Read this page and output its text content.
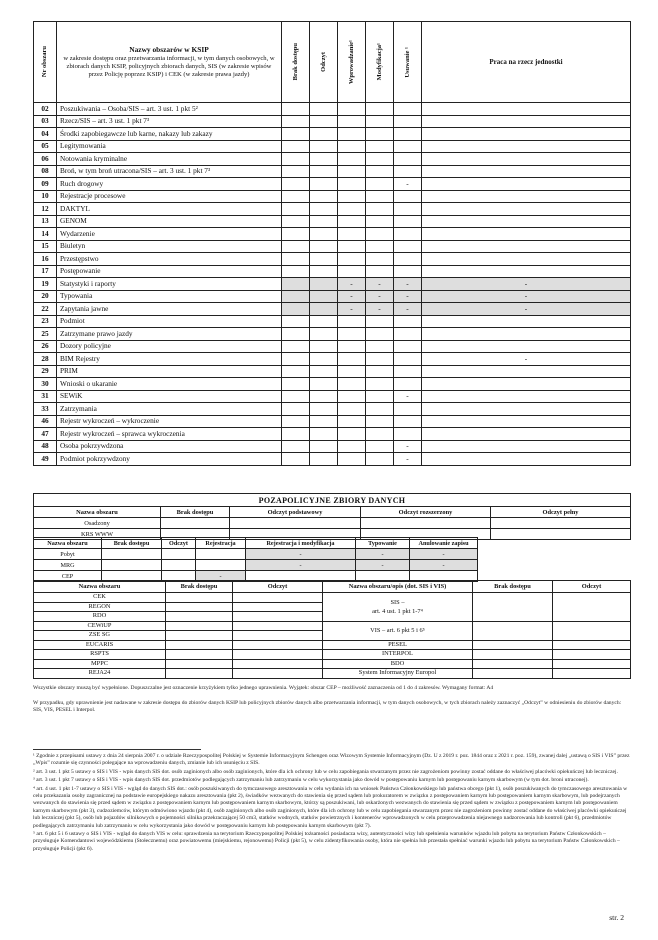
Nr obszaru	Nazwy obszarów w KSIP
w zakresie dostępu oraz przetwarzania informacji, w tym danych osobowych, w zbiorach danych KSIP, policyjnych zbiorach danych, SIS (w zakresie wpisów przez Policję poprzez KSIP) i CEK (w zakresie prawa jazdy)	Brak dostępu	Odczyt	Wprowadzanie¹	Modyfikacja¹	Usuwanie ¹	Praca na rzecz jednostki
02	Poszukiwania – Osoba/SIS – art. 3 ust. 1 pkt 5²						
03	Rzecz/SIS – art. 3 ust. 1 pkt 7³						
04	Środki zapobiegawcze lub karne, nakazy lub zakazy						
05	Legitymowania						
06	Notowania kryminalne						
08	Broń, w tym broń utracona/SIS – art. 3 ust. 1 pkt 7³						
09	Ruch drogowy					-	
10	Rejestracje procesowe						
12	DAKTYL						
13	GENOM						
14	Wydarzenie						
15	Biuletyn						
16	Przestępstwo						
17	Postępowanie						
19	Statystyki i raporty			-	-	-	-
20	Typowania			-	-	-	-
22	Zapytania jawne			-	-	-	-
23	Podmiot						
25	Zatrzymane prawo jazdy						
26	Dozory policyjne						
28	BIM Rejestry						-
29	PRIM						
30	Wnioski o ukaranie						
31	SEWiK					-	
33	Zatrzymania						
46	Rejestr wykroczeń – wykroczenie						
47	Rejestr wykroczeń – sprawca wykroczenia						
48	Osoba pokrzywdzona					-	
49	Podmiot pokrzywdzony					-	
POZAPOLICYJNE ZBIORY DANYCH				
Nazwa obszaru	Brak dostępu	Odczyt podstawowy	Odczyt rozszerzony	Odczyt pełny
Osadzony				
KRS WWW				
Nazwa obszaru	Brak dostępu	Odczyt	Rejestracja	Rejestracja i modyfikacja	Typowanie	Anulowanie zapisu
Pobyt				-	-	-
MRG				-	-	-
CEP			-			
Nazwa obszaru	Brak dostępu	Odczyt	Nazwa obszaru/opis (dot. SIS i VIS)	Brak dostępu	Odczyt
CEK			SIS –
art. 4 ust. 1 pkt 1-7⁴		
REGON					
RDO					
CEWiUP			VIS – art. 6 pkt 5 i 6⁵		
ZSE SG					
EUCARIS			PESEL		
RSPTS			INTERPOL		
MPPC			BDO		
REJA24			System Informacyjny Europol		
Wszystkie obszary muszą być wypełnione. Dopuszczalne jest oznaczenie krzyżykiem tylko jednego uprawnienia. Wyjątek: obszar CEP – możliwość zaznaczenia od 1 do 4 zakresów. Wymagany format: A4
W przypadku, gdy uprawnienie jest nadawane w zakresie dostępu do zbiorów danych KSIP lub policyjnych zbiorów danych albo przetwarzania informacji, w tym danych osobowych, w tych zbiorach należy zaznaczyć „Odczyt” w odniesieniu do zbiorów danych: SIS, VIS, PESEL i Interpol.

¹ Zgodnie z przepisami ustawy z dnia 24 sierpnia 2007 r. o udziale Rzeczypospolitej Polskiej w Systemie Informacyjnym Schengen oraz Wizowym Systemie Informacyjnym (Dz. U z 2019 r. poz. 1844 oraz z 2021 r. poz. 159), zwanej dalej „ustawą o SIS i VIS” przez „Wpis” rozumie się czynności polegające na wprowadzeniu danych, zmianie lub ich usunięciu z SIS.

² art. 3 ust. 1 pkt 5 ustawy o SIS i VIS - wpis danych SIS dot. osób zaginionych albo osób zaginionych, które dla ich ochrony lub w celu zapobiegania stwarzanym przez nie zagrożeniom powinny zostać oddane do właściwej placówki opiekuńczej lub leczniczej.

³ art. 3 ust. 1 pkt 7 ustawy o SIS i VIS - wpis danych SIS dot. przedmiotów podlegających zatrzymaniu lub zatrzymaniu w celu wykorzystania jako dowód w postępowaniu karnym lub postępowaniu karnym skarbowym (w tym dot. broni utraconej).

⁴ art. 4 ust. 1 pkt 1-7 ustawy o SIS i VIS - wgląd do danych SIS dot.: osób poszukiwanych do tymczasowego aresztowania w celu wydania ich na wniosek Państwa Członkowskiego lub państwa obcego (pkt 1), osób poszukiwanych do tymczasowego aresztowania w celu przekazania osoby zagranicznej na podstawie europejskiego nakazu aresztowania (pkt 2), świadków wezwanych do stawienia się przed sądem lub prokuratorem w związku z postępowaniem karnym lub postępowaniem karnym skarbowym, lub podejrzanych wezwanych do stawienia się przed sądem w związku z postępowaniem karnym lub postępowaniem karnym skarbowym, którzy są poszukiwani, lub oskarżonych wezwanych do stawienia się przed sądem w związku z postępowaniem karnym lub postępowaniem karnym skarbowym (pkt 3), cudzoziemców, którym odmówiono wjazdu (pkt 4), osób zaginionych albo osób zaginionych, które dla ich ochrony lub w celu zapobiegania stwarzanym przez nie zagrożeniom powinny zostać oddane do właściwej placówki opiekuńczej lub leczniczej (pkt 5), osób lub pojazdów silnikowych o pojemności silnika przekraczającej 50 cm3, statków wodnych, statków powietrznych i kontenerów wprowadzonych w celu przeprowadzenia niejawnego nadzorowania lub kontroli (pkt 6), przedmiotów podlegających zatrzymaniu lub zatrzymaniu w celu wykorzystania jako dowód w postępowaniu karnym lub postępowaniu karnym skarbowym (pkt 7).

⁵ art. 6 pkt 5 i 6 ustawy o SIS i VIS - wgląd do danych VIS w celu: sprawdzenia na terytorium Rzeczypospolitej Polskiej tożsamości posiadacza wizy, autentyczności wizy lub spełnienia warunków wjazdu lub pobytu na terytorium Państw Członkowskich – przysługuje Komendantowi wojewódzkiemu (Stołecznemu) oraz powiatowemu (miejskiemu, rejonowemu) Policji (pkt 5), w celu zidentyfikowania osoby, która nie spełnia lub przestała spełniać warunki wjazdu lub pobytu na terytorium Państw Członkowskich – przysługuje Policji (pkt 6).

str. 2
